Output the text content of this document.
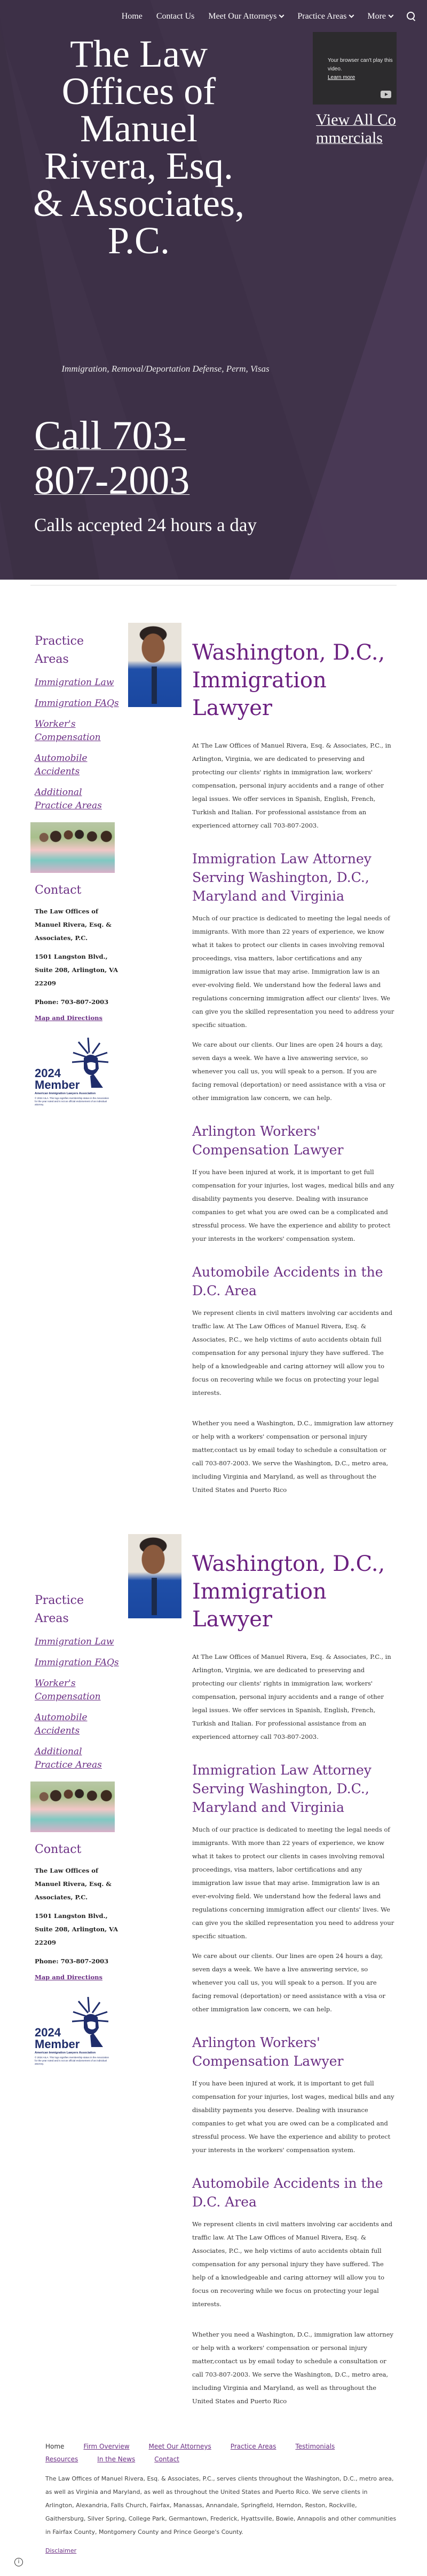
Home Contact Us Meet Our Attorneys Practice Areas More
The Law Offices of Manuel Rivera, Esq. & Associates, P.C.
Your browser can't play this video.
Learn more
View All Commercials

Immigration, Removal/Deportation Defense, Perm, Visas

Call 703-807-2003

Calls accepted 24 hours a day

Practice Areas
Immigration Law
Immigration FAQs
Worker's Compensation
Automobile Accidents
Additional Practice Areas
Contact

The Law Offices of Manuel Rivera, Esq. & Associates, P.C.

1501 Langston Blvd., Suite 208, Arlington, VA 22209

Phone: 703-807-2003

Map and Directions
2024
Member
American Immigration Lawyers Association
© 2024 AILA. This logo signifies membership status in the Association for the year noted and is not an official endorsement of an individual attorney.
Washington, D.C., Immigration Lawyer

At The Law Offices of Manuel Rivera, Esq. & Associates, P.C., in Arlington, Virginia, we are dedicated to preserving and protecting our clients' rights in immigration law, workers' compensation, personal injury accidents and a range of other legal issues. We offer services in Spanish, English, French, Turkish and Italian. For professional assistance from an experienced attorney call 703-807-2003.

Immigration Law Attorney Serving Washington, D.C., Maryland and Virginia

Much of our practice is dedicated to meeting the legal needs of immigrants. With more than 22 years of experience, we know what it takes to protect our clients in cases involving removal proceedings, visa matters, labor certifications and any immigration law issue that may arise. Immigration law is an ever-evolving field. We understand how the federal laws and regulations concerning immigration affect our clients' lives. We can give you the skilled representation you need to address your specific situation.

We care about our clients. Our lines are open 24 hours a day, seven days a week. We have a live answering service, so whenever you call us, you will speak to a person. If you are facing removal (deportation) or need assistance with a visa or other immigration law concern, we can help.

Arlington Workers' Compensation Lawyer

If you have been injured at work, it is important to get full compensation for your injuries, lost wages, medical bills and any disability payments you deserve. Dealing with insurance companies to get what you are owed can be a complicated and stressful process. We have the experience and ability to protect your interests in the workers' compensation system.

Automobile Accidents in the D.C. Area

We represent clients in civil matters involving car accidents and traffic law. At The Law Offices of Manuel Rivera, Esq. & Associates, P.C., we help victims of auto accidents obtain full compensation for any personal injury they have suffered. The help of a knowledgeable and caring attorney will allow you to focus on recovering while we focus on protecting your legal interests.

Whether you need a Washington, D.C., immigration law attorney or help with a workers' compensation or personal injury matter,contact us by email today to schedule a consultation or call 703-807-2003. We serve the Washington, D.C., metro area, including Virginia and Maryland, as well as throughout the United States and Puerto Rico

Practice Areas
Immigration Law
Immigration FAQs
Worker's Compensation
Automobile Accidents
Additional Practice Areas
Contact

The Law Offices of Manuel Rivera, Esq. & Associates, P.C.

1501 Langston Blvd., Suite 208, Arlington, VA 22209

Phone: 703-807-2003

Map and Directions
2024
Member
American Immigration Lawyers Association
© 2024 AILA. This logo signifies membership status in the Association for the year noted and is not an official endorsement of an individual attorney.
Washington, D.C., Immigration Lawyer

At The Law Offices of Manuel Rivera, Esq. & Associates, P.C., in Arlington, Virginia, we are dedicated to preserving and protecting our clients' rights in immigration law, workers' compensation, personal injury accidents and a range of other legal issues. We offer services in Spanish, English, French, Turkish and Italian. For professional assistance from an experienced attorney call 703-807-2003.

Immigration Law Attorney Serving Washington, D.C., Maryland and Virginia

Much of our practice is dedicated to meeting the legal needs of immigrants. With more than 22 years of experience, we know what it takes to protect our clients in cases involving removal proceedings, visa matters, labor certifications and any immigration law issue that may arise. Immigration law is an ever-evolving field. We understand how the federal laws and regulations concerning immigration affect our clients' lives. We can give you the skilled representation you need to address your specific situation.

We care about our clients. Our lines are open 24 hours a day, seven days a week. We have a live answering service, so whenever you call us, you will speak to a person. If you are facing removal (deportation) or need assistance with a visa or other immigration law concern, we can help.

Arlington Workers' Compensation Lawyer

If you have been injured at work, it is important to get full compensation for your injuries, lost wages, medical bills and any disability payments you deserve. Dealing with insurance companies to get what you are owed can be a complicated and stressful process. We have the experience and ability to protect your interests in the workers' compensation system.

Automobile Accidents in the D.C. Area

We represent clients in civil matters involving car accidents and traffic law. At The Law Offices of Manuel Rivera, Esq. & Associates, P.C., we help victims of auto accidents obtain full compensation for any personal injury they have suffered. The help of a knowledgeable and caring attorney will allow you to focus on recovering while we focus on protecting your legal interests.

Whether you need a Washington, D.C., immigration law attorney or help with a workers' compensation or personal injury matter,contact us by email today to schedule a consultation or call 703-807-2003. We serve the Washington, D.C., metro area, including Virginia and Maryland, as well as throughout the United States and Puerto Rico

Home	Firm Overview	Meet Our Attorneys	Practice Areas	Testimonials
Resources	In the News	Contact

The Law Offices of Manuel Rivera, Esq. & Associates, P.C., serves clients throughout the Washington, D.C., metro area, as well as Virginia and Maryland, as well as throughout the United States and Puerto Rico. We serve clients in Arlington, Alexandria, Falls Church, Fairfax, Manassas, Annandale, Springfield, Herndon, Reston, Rockville, Gaithersburg, Silver Spring, College Park, Germantown, Frederick, Hyattsville, Bowie, Annapolis and other communities in Fairfax County, Montgomery County and Prince George's County.

Disclaimer
i
